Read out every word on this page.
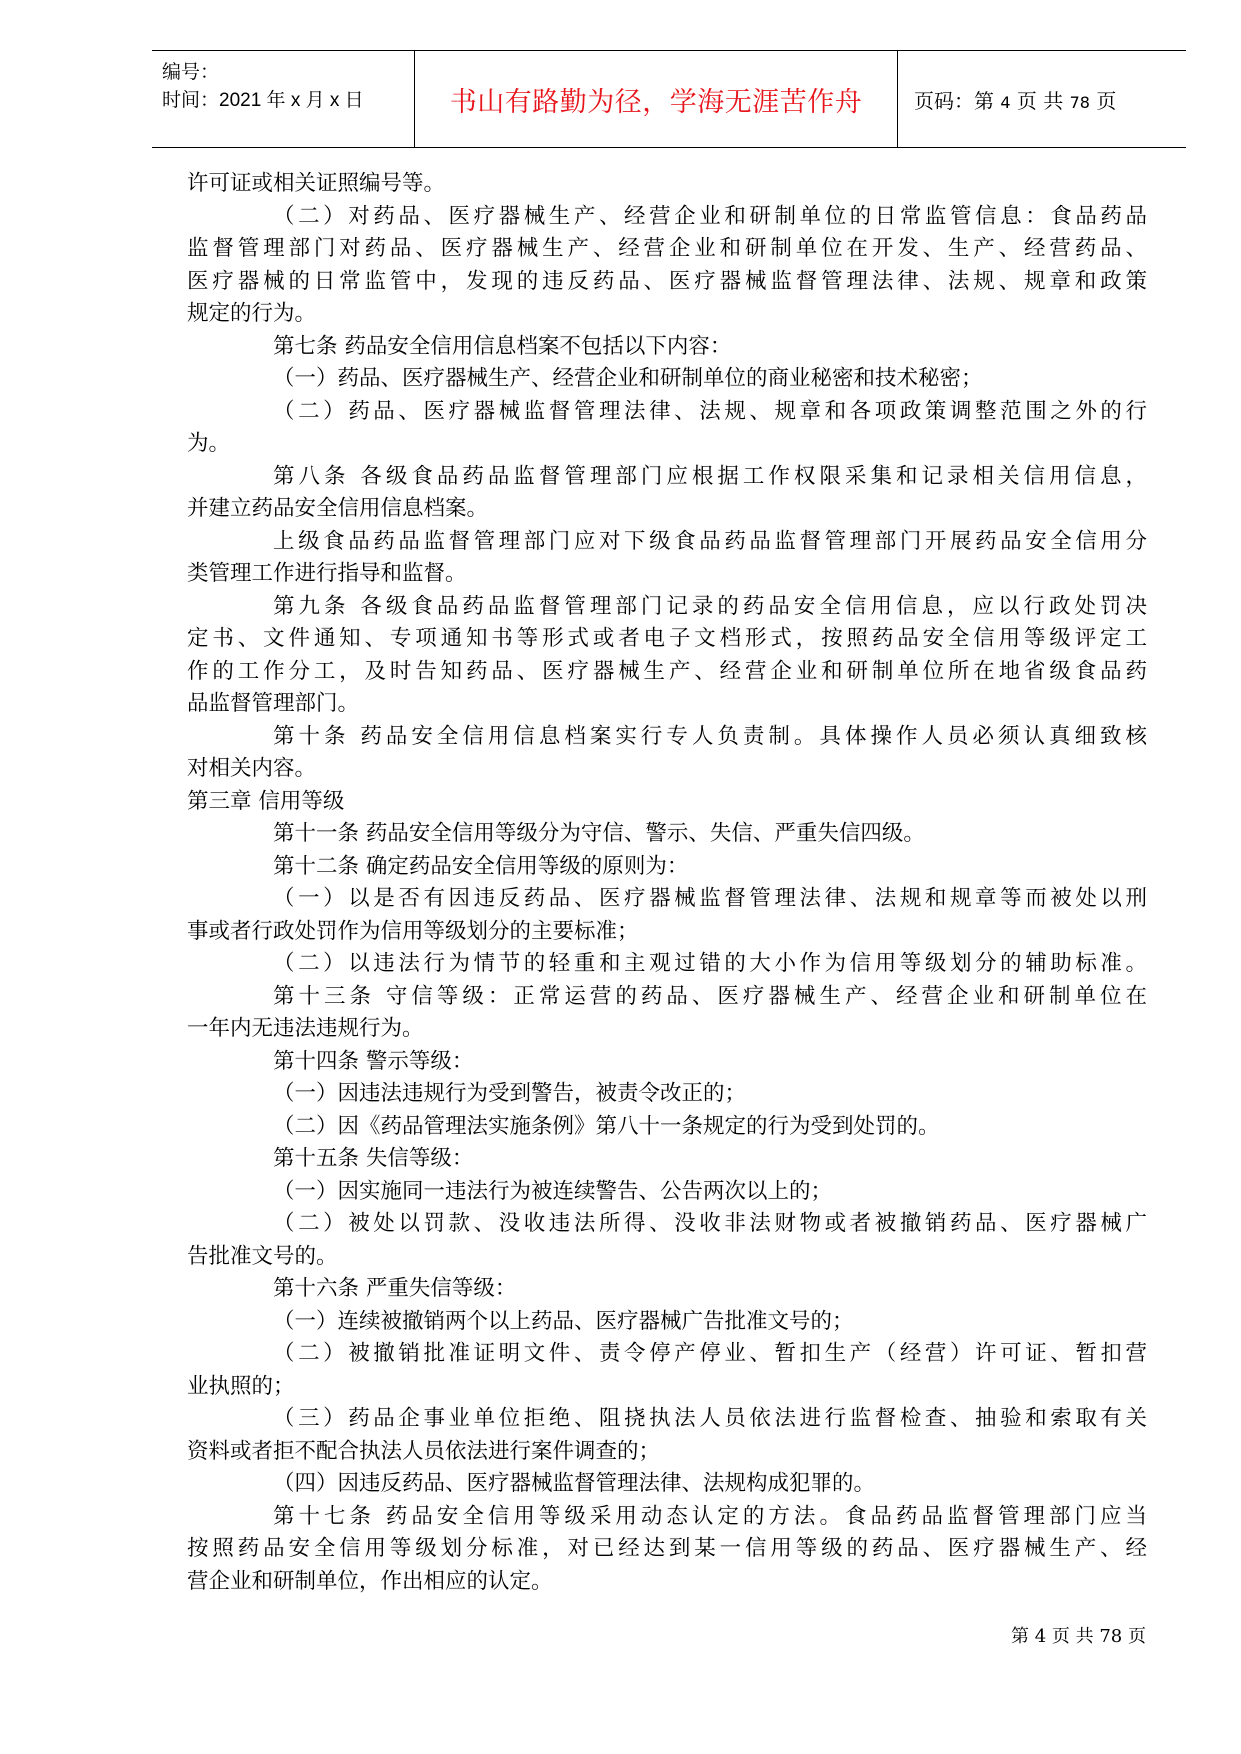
编号：
时间：2021 年 x 月 x 日	书山有路勤为径，学海无涯苦作舟	页码：第 4 页 共 78 页
许可证或相关证照编号等。
（二）对药品、医疗器械生产、经营企业和研制单位的日常监管信息：食品药品
监督管理部门对药品、医疗器械生产、经营企业和研制单位在开发、生产、经营药品、
医疗器械的日常监管中，发现的违反药品、医疗器械监督管理法律、法规、规章和政策
规定的行为。
第七条 药品安全信用信息档案不包括以下内容：
（一）药品、医疗器械生产、经营企业和研制单位的商业秘密和技术秘密；
（二）药品、医疗器械监督管理法律、法规、规章和各项政策调整范围之外的行
为。
第八条 各级食品药品监督管理部门应根据工作权限采集和记录相关信用信息，
并建立药品安全信用信息档案。
上级食品药品监督管理部门应对下级食品药品监督管理部门开展药品安全信用分
类管理工作进行指导和监督。
第九条 各级食品药品监督管理部门记录的药品安全信用信息，应以行政处罚决
定书、文件通知、专项通知书等形式或者电子文档形式，按照药品安全信用等级评定工
作的工作分工，及时告知药品、医疗器械生产、经营企业和研制单位所在地省级食品药
品监督管理部门。
第十条 药品安全信用信息档案实行专人负责制。具体操作人员必须认真细致核
对相关内容。
第三章 信用等级
第十一条 药品安全信用等级分为守信、警示、失信、严重失信四级。
第十二条 确定药品安全信用等级的原则为：
（一）以是否有因违反药品、医疗器械监督管理法律、法规和规章等而被处以刑
事或者行政处罚作为信用等级划分的主要标准；
（二）以违法行为情节的轻重和主观过错的大小作为信用等级划分的辅助标准。
第十三条 守信等级：正常运营的药品、医疗器械生产、经营企业和研制单位在
一年内无违法违规行为。
第十四条 警示等级：
（一）因违法违规行为受到警告，被责令改正的；
（二）因《药品管理法实施条例》第八十一条规定的行为受到处罚的。
第十五条 失信等级：
（一）因实施同一违法行为被连续警告、公告两次以上的；
（二）被处以罚款、没收违法所得、没收非法财物或者被撤销药品、医疗器械广
告批准文号的。
第十六条 严重失信等级：
（一）连续被撤销两个以上药品、医疗器械广告批准文号的；
（二）被撤销批准证明文件、责令停产停业、暂扣生产（经营）许可证、暂扣营
业执照的；
（三）药品企事业单位拒绝、阻挠执法人员依法进行监督检查、抽验和索取有关
资料或者拒不配合执法人员依法进行案件调查的；
（四）因违反药品、医疗器械监督管理法律、法规构成犯罪的。
第十七条 药品安全信用等级采用动态认定的方法。食品药品监督管理部门应当
按照药品安全信用等级划分标准，对已经达到某一信用等级的药品、医疗器械生产、经
营企业和研制单位，作出相应的认定。
第 4 页 共 78 页
